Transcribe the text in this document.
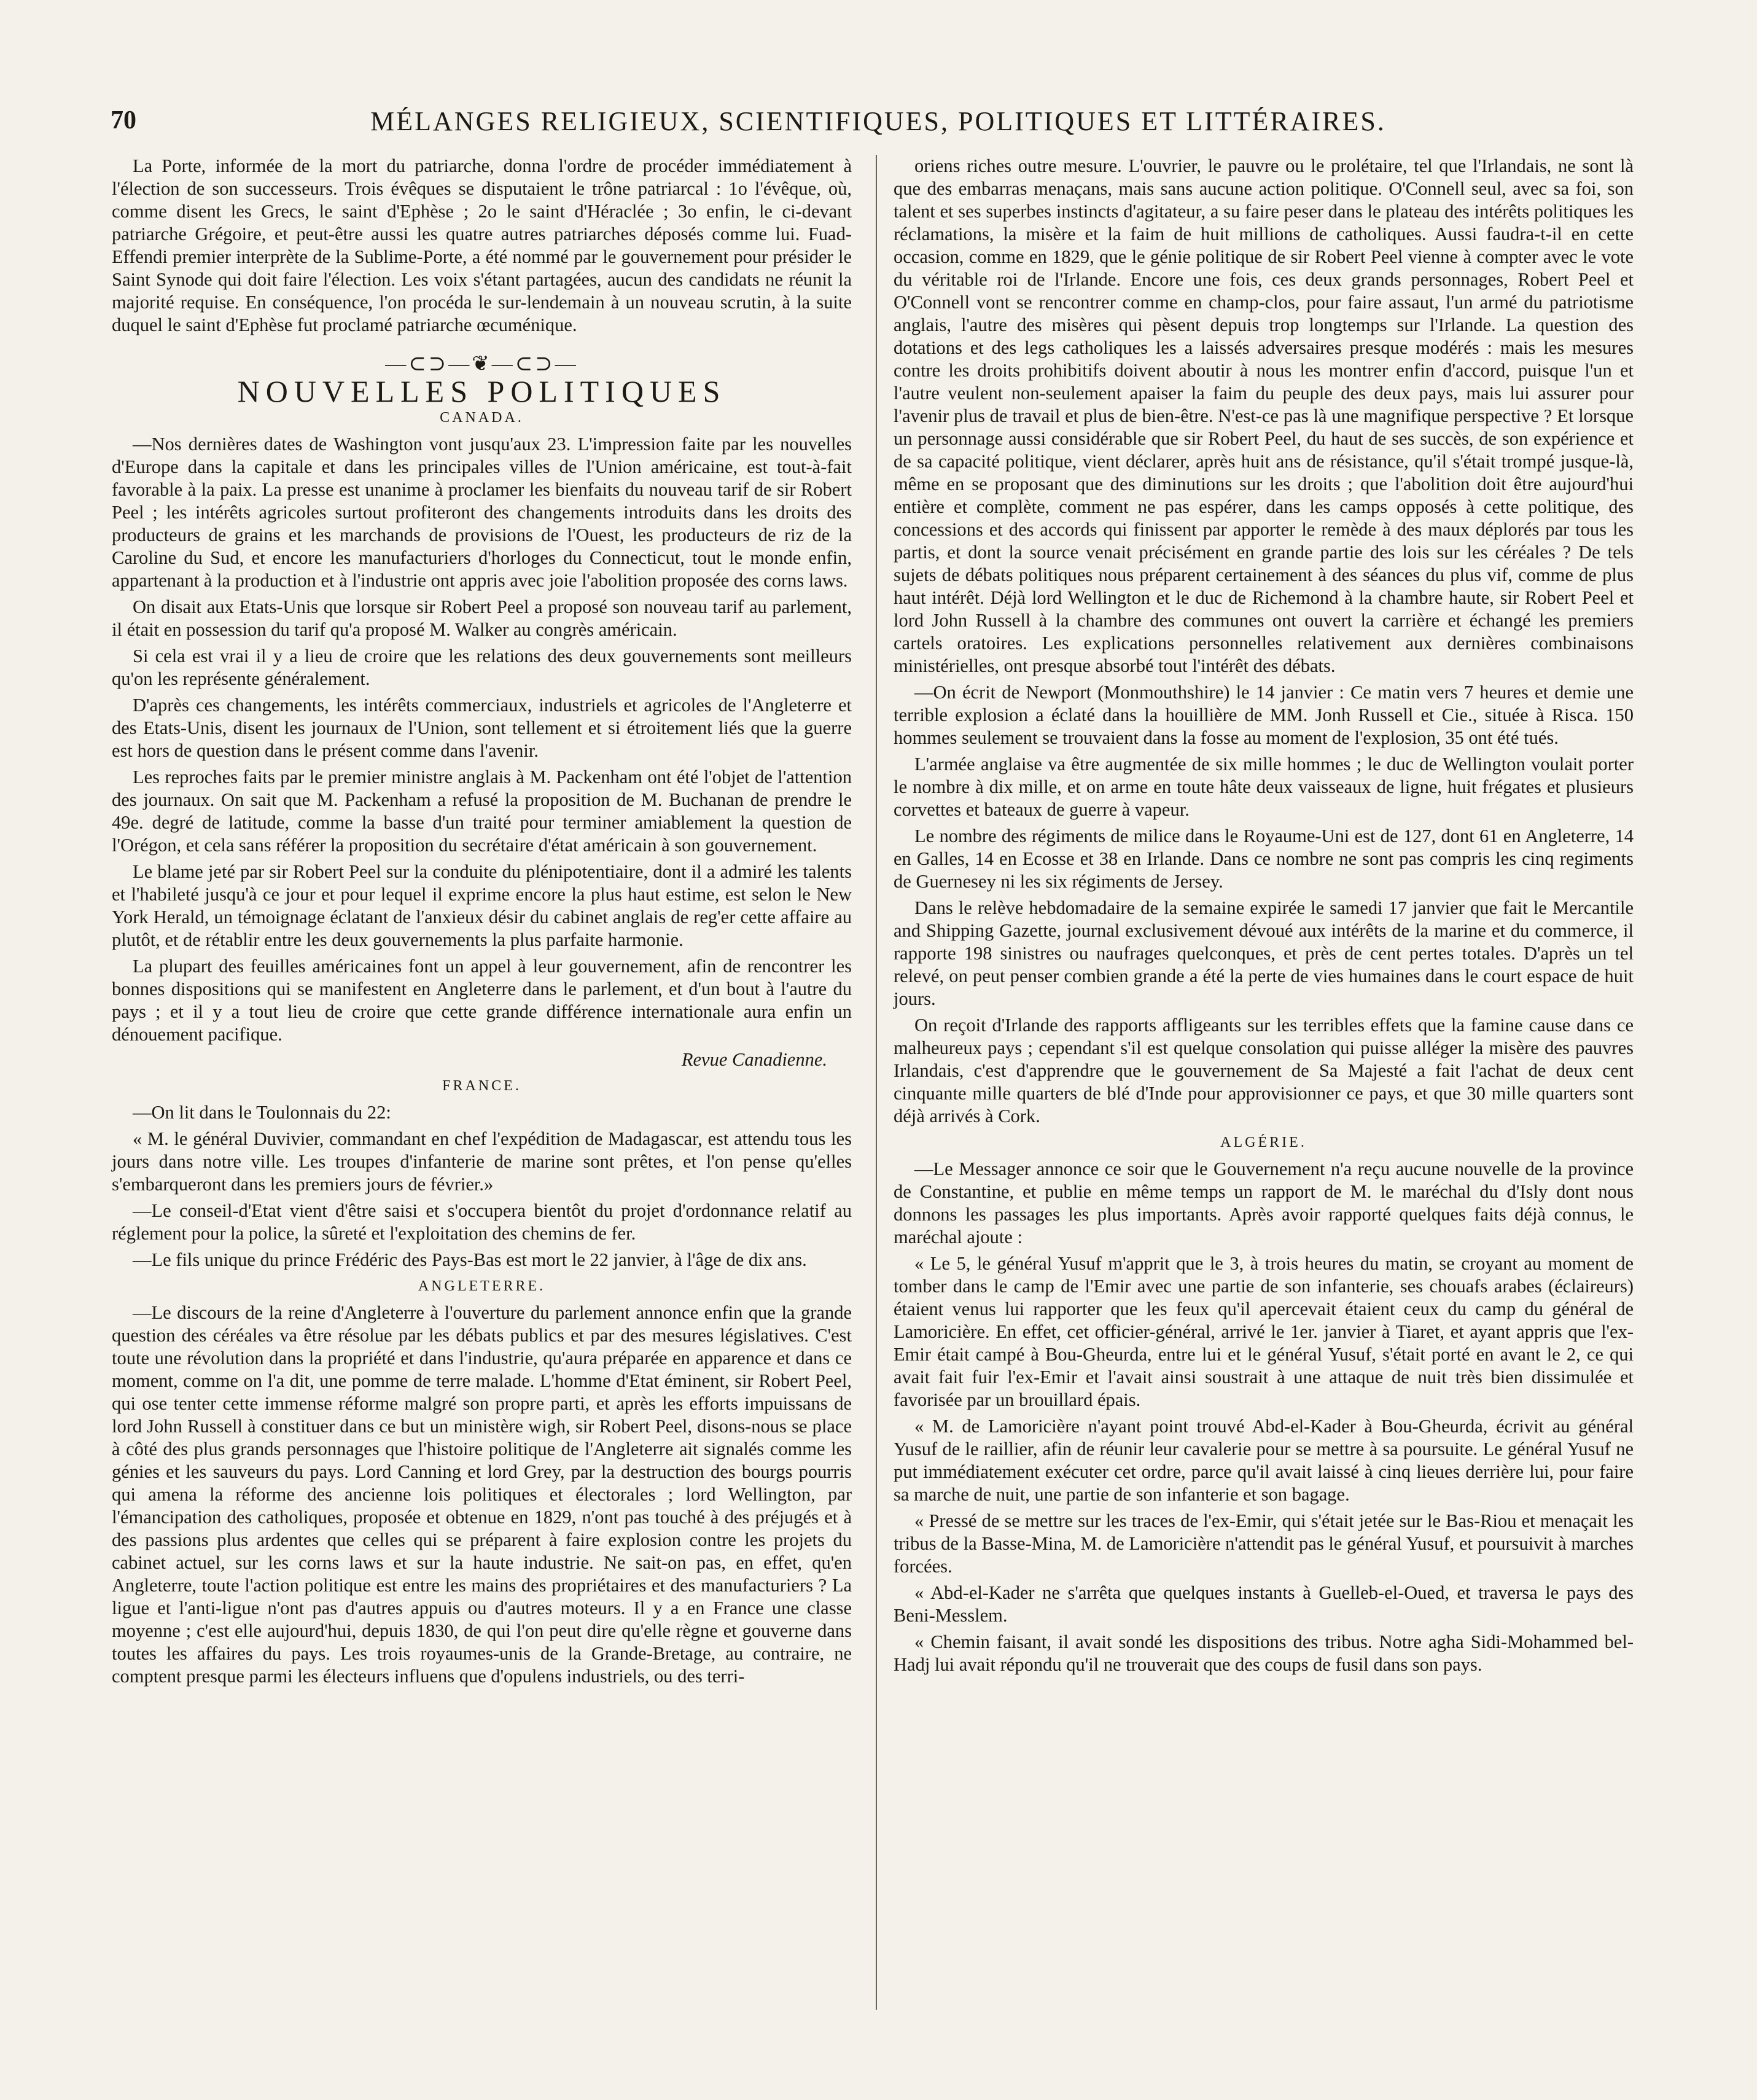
70	MÉLANGES RELIGIEUX, SCIENTIFIQUES, POLITIQUES ET LITTÉRAIRES.

La Porte, informée de la mort du patriarche, donna l'ordre de procéder immédiatement à l'élection de son successeurs. Trois évêques se disputaient le trône patriarcal : 1o l'évêque, où, comme disent les Grecs, le saint d'Ephèse ; 2o le saint d'Héraclée ; 3o enfin, le ci-devant patriarche Grégoire, et peut-être aussi les quatre autres patriarches déposés comme lui. Fuad-Effendi premier interprète de la Sublime-Porte, a été nommé par le gouvernement pour présider le Saint Synode qui doit faire l'élection. Les voix s'étant partagées, aucun des candidats ne réunit la majorité requise. En conséquence, l'on procéda le sur-lendemain à un nouveau scrutin, à la suite duquel le saint d'Ephèse fut proclamé patriarche œcuménique.

—⊂⊃—❦—⊂⊃—
NOUVELLES POLITIQUES
CANADA.

—Nos dernières dates de Washington vont jusqu'aux 23. L'impression faite par les nouvelles d'Europe dans la capitale et dans les principales villes de l'Union américaine, est tout-à-fait favorable à la paix. La presse est unanime à proclamer les bienfaits du nouveau tarif de sir Robert Peel ; les intérêts agricoles surtout profiteront des changements introduits dans les droits des producteurs de grains et les marchands de provisions de l'Ouest, les producteurs de riz de la Caroline du Sud, et encore les manufacturiers d'horloges du Connecticut, tout le monde enfin, appartenant à la production et à l'industrie ont appris avec joie l'abolition proposée des corns laws.

On disait aux Etats-Unis que lorsque sir Robert Peel a proposé son nouveau tarif au parlement, il était en possession du tarif qu'a proposé M. Walker au congrès américain.

Si cela est vrai il y a lieu de croire que les relations des deux gouvernements sont meilleurs qu'on les représente généralement.

D'après ces changements, les intérêts commerciaux, industriels et agricoles de l'Angleterre et des Etats-Unis, disent les journaux de l'Union, sont tellement et si étroitement liés que la guerre est hors de question dans le présent comme dans l'avenir.

Les reproches faits par le premier ministre anglais à M. Packenham ont été l'objet de l'attention des journaux. On sait que M. Packenham a refusé la proposition de M. Buchanan de prendre le 49e. degré de latitude, comme la basse d'un traité pour terminer amiablement la question de l'Orégon, et cela sans référer la proposition du secrétaire d'état américain à son gouvernement.

Le blame jeté par sir Robert Peel sur la conduite du plénipotentiaire, dont il a admiré les talents et l'habileté jusqu'à ce jour et pour lequel il exprime encore la plus haut estime, est selon le New York Herald, un témoignage éclatant de l'anxieux désir du cabinet anglais de reg'er cette affaire au plutôt, et de rétablir entre les deux gouvernements la plus parfaite harmonie.

La plupart des feuilles américaines font un appel à leur gouvernement, afin de rencontrer les bonnes dispositions qui se manifestent en Angleterre dans le parlement, et d'un bout à l'autre du pays ; et il y a tout lieu de croire que cette grande différence internationale aura enfin un dénouement pacifique.

Revue Canadienne.
FRANCE.

—On lit dans le Toulonnais du 22:

« M. le général Duvivier, commandant en chef l'expédition de Madagascar, est attendu tous les jours dans notre ville. Les troupes d'infanterie de marine sont prêtes, et l'on pense qu'elles s'embarqueront dans les premiers jours de février.»

—Le conseil-d'Etat vient d'être saisi et s'occupera bientôt du projet d'ordonnance relatif au réglement pour la police, la sûreté et l'exploitation des chemins de fer.

—Le fils unique du prince Frédéric des Pays-Bas est mort le 22 janvier, à l'âge de dix ans.

ANGLETERRE.

—Le discours de la reine d'Angleterre à l'ouverture du parlement annonce enfin que la grande question des céréales va être résolue par les débats publics et par des mesures législatives. C'est toute une révolution dans la propriété et dans l'industrie, qu'aura préparée en apparence et dans ce moment, comme on l'a dit, une pomme de terre malade. L'homme d'Etat éminent, sir Robert Peel, qui ose tenter cette immense réforme malgré son propre parti, et après les efforts impuissans de lord John Russell à constituer dans ce but un ministère wigh, sir Robert Peel, disons-nous se place à côté des plus grands personnages que l'histoire politique de l'Angleterre ait signalés comme les génies et les sauveurs du pays. Lord Canning et lord Grey, par la destruction des bourgs pourris qui amena la réforme des ancienne lois politiques et électorales ; lord Wellington, par l'émancipation des catholiques, proposée et obtenue en 1829, n'ont pas touché à des préjugés et à des passions plus ardentes que celles qui se préparent à faire explosion contre les projets du cabinet actuel, sur les corns laws et sur la haute industrie. Ne sait-on pas, en effet, qu'en Angleterre, toute l'action politique est entre les mains des propriétaires et des manufacturiers ? La ligue et l'anti-ligue n'ont pas d'autres appuis ou d'autres moteurs. Il y a en France une classe moyenne ; c'est elle aujourd'hui, depuis 1830, de qui l'on peut dire qu'elle règne et gouverne dans toutes les affaires du pays. Les trois royaumes-unis de la Grande-Bretage, au contraire, ne comptent presque parmi les électeurs influens que d'opulens industriels, ou des terri-

oriens riches outre mesure. L'ouvrier, le pauvre ou le prolétaire, tel que l'Irlandais, ne sont là que des embarras menaçans, mais sans aucune action politique. O'Connell seul, avec sa foi, son talent et ses superbes instincts d'agitateur, a su faire peser dans le plateau des intérêts politiques les réclamations, la misère et la faim de huit millions de catholiques. Aussi faudra-t-il en cette occasion, comme en 1829, que le génie politique de sir Robert Peel vienne à compter avec le vote du véritable roi de l'Irlande. Encore une fois, ces deux grands personnages, Robert Peel et O'Connell vont se rencontrer comme en champ-clos, pour faire assaut, l'un armé du patriotisme anglais, l'autre des misères qui pèsent depuis trop longtemps sur l'Irlande. La question des dotations et des legs catholiques les a laissés adversaires presque modérés : mais les mesures contre les droits prohibitifs doivent aboutir à nous les montrer enfin d'accord, puisque l'un et l'autre veulent non-seulement apaiser la faim du peuple des deux pays, mais lui assurer pour l'avenir plus de travail et plus de bien-être. N'est-ce pas là une magnifique perspective ? Et lorsque un personnage aussi considérable que sir Robert Peel, du haut de ses succès, de son expérience et de sa capacité politique, vient déclarer, après huit ans de résistance, qu'il s'était trompé jusque-là, même en se proposant que des diminutions sur les droits ; que l'abolition doit être aujourd'hui entière et complète, comment ne pas espérer, dans les camps opposés à cette politique, des concessions et des accords qui finissent par apporter le remède à des maux déplorés par tous les partis, et dont la source venait précisément en grande partie des lois sur les céréales ? De tels sujets de débats politiques nous préparent certainement à des séances du plus vif, comme de plus haut intérêt. Déjà lord Wellington et le duc de Richemond à la chambre haute, sir Robert Peel et lord John Russell à la chambre des communes ont ouvert la carrière et échangé les premiers cartels oratoires. Les explications personnelles relativement aux dernières combinaisons ministérielles, ont presque absorbé tout l'intérêt des débats.

—On écrit de Newport (Monmouthshire) le 14 janvier : Ce matin vers 7 heures et demie une terrible explosion a éclaté dans la houillière de MM. Jonh Russell et Cie., située à Risca. 150 hommes seulement se trouvaient dans la fosse au moment de l'explosion, 35 ont été tués.

L'armée anglaise va être augmentée de six mille hommes ; le duc de Wellington voulait porter le nombre à dix mille, et on arme en toute hâte deux vaisseaux de ligne, huit frégates et plusieurs corvettes et bateaux de guerre à vapeur.

Le nombre des régiments de milice dans le Royaume-Uni est de 127, dont 61 en Angleterre, 14 en Galles, 14 en Ecosse et 38 en Irlande. Dans ce nombre ne sont pas compris les cinq regiments de Guernesey ni les six régiments de Jersey.

Dans le relève hebdomadaire de la semaine expirée le samedi 17 janvier que fait le Mercantile and Shipping Gazette, journal exclusivement dévoué aux intérêts de la marine et du commerce, il rapporte 198 sinistres ou naufrages quelconques, et près de cent pertes totales. D'après un tel relevé, on peut penser combien grande a été la perte de vies humaines dans le court espace de huit jours.

On reçoit d'Irlande des rapports affligeants sur les terribles effets que la famine cause dans ce malheureux pays ; cependant s'il est quelque consolation qui puisse alléger la misère des pauvres Irlandais, c'est d'apprendre que le gouvernement de Sa Majesté a fait l'achat de deux cent cinquante mille quarters de blé d'Inde pour approvisionner ce pays, et que 30 mille quarters sont déjà arrivés à Cork.

ALGÉRIE.

—Le Messager annonce ce soir que le Gouvernement n'a reçu aucune nouvelle de la province de Constantine, et publie en même temps un rapport de M. le maréchal du d'Isly dont nous donnons les passages les plus importants. Après avoir rapporté quelques faits déjà connus, le maréchal ajoute :

« Le 5, le général Yusuf m'apprit que le 3, à trois heures du matin, se croyant au moment de tomber dans le camp de l'Emir avec une partie de son infanterie, ses chouafs arabes (éclaireurs) étaient venus lui rapporter que les feux qu'il apercevait étaient ceux du camp du général de Lamoricière. En effet, cet officier-général, arrivé le 1er. janvier à Tiaret, et ayant appris que l'ex-Emir était campé à Bou-Gheurda, entre lui et le général Yusuf, s'était porté en avant le 2, ce qui avait fait fuir l'ex-Emir et l'avait ainsi soustrait à une attaque de nuit très bien dissimulée et favorisée par un brouillard épais.

« M. de Lamoricière n'ayant point trouvé Abd-el-Kader à Bou-Gheurda, écrivit au général Yusuf de le raillier, afin de réunir leur cavalerie pour se mettre à sa poursuite. Le général Yusuf ne put immédiatement exécuter cet ordre, parce qu'il avait laissé à cinq lieues derrière lui, pour faire sa marche de nuit, une partie de son infanterie et son bagage.

« Pressé de se mettre sur les traces de l'ex-Emir, qui s'était jetée sur le Bas-Riou et menaçait les tribus de la Basse-Mina, M. de Lamoricière n'attendit pas le général Yusuf, et poursuivit à marches forcées.

« Abd-el-Kader ne s'arrêta que quelques instants à Guelleb-el-Oued, et traversa le pays des Beni-Messlem.

« Chemin faisant, il avait sondé les dispositions des tribus. Notre agha Sidi-Mohammed bel-Hadj lui avait répondu qu'il ne trouverait que des coups de fusil dans son pays.
